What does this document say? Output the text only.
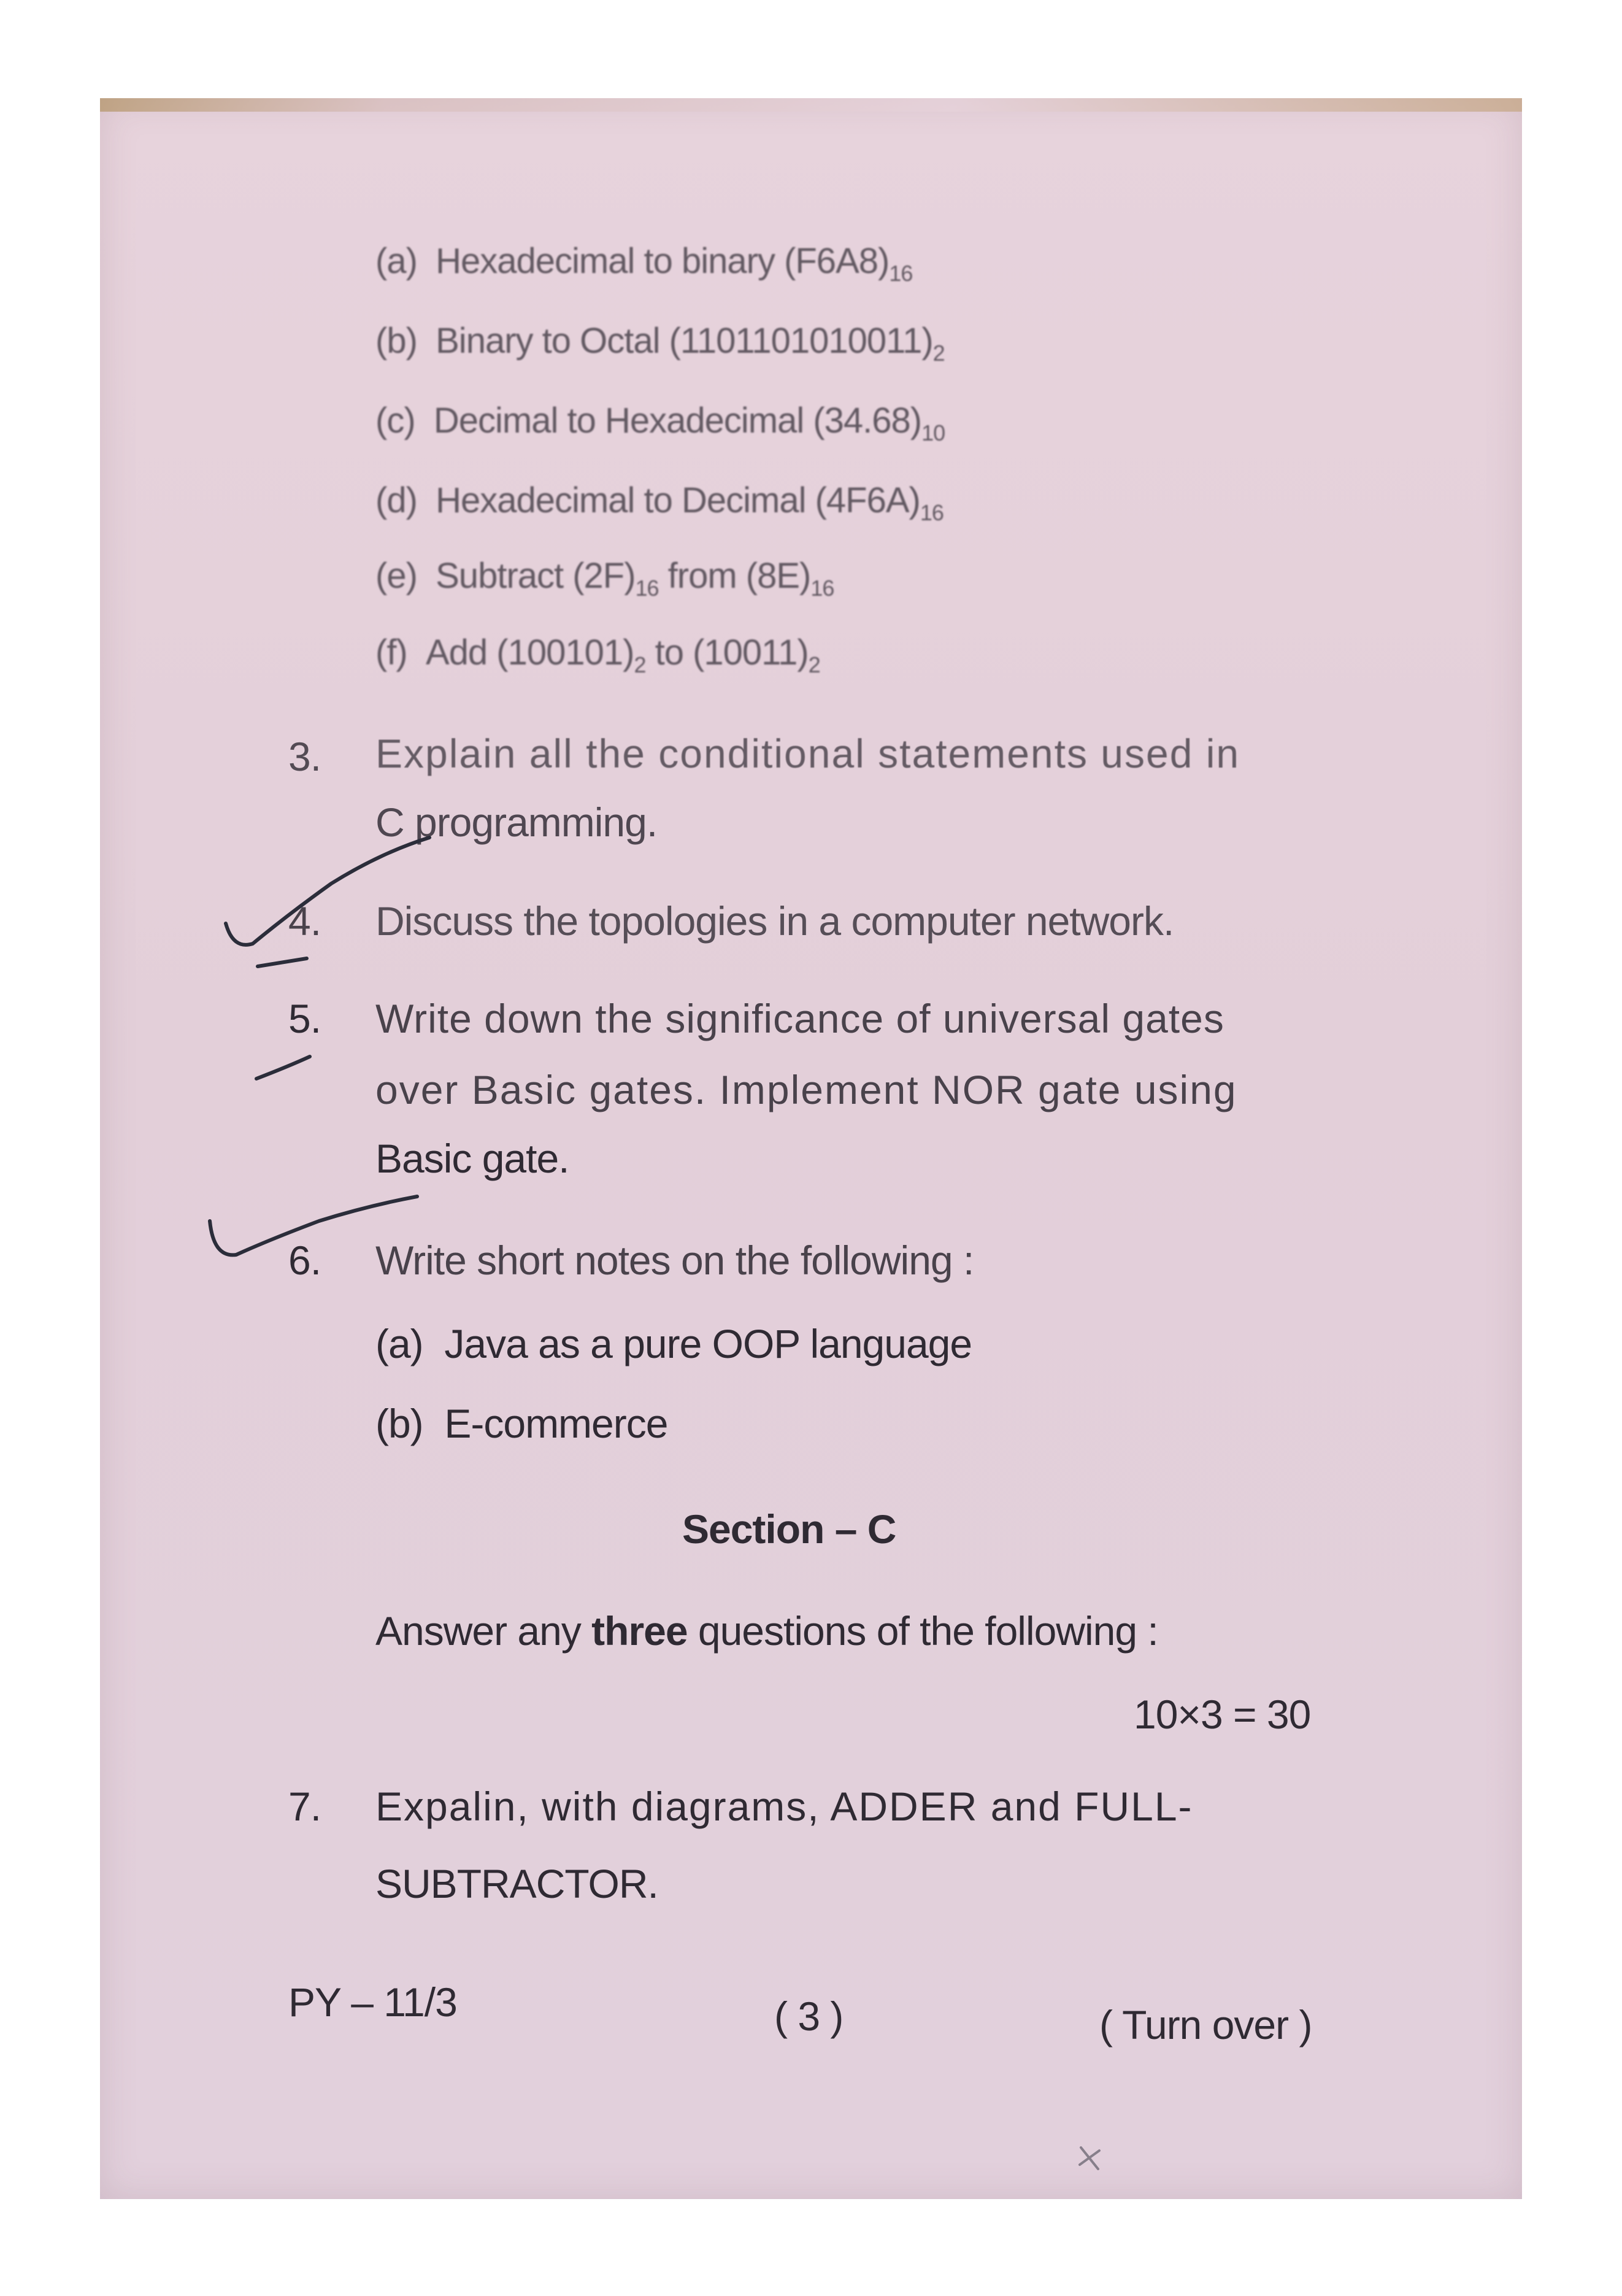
(a) Hexadecimal to binary $(F6A8)_{16}$
(b) Binary to Octal $(1101101010011)_2$
(c) Decimal to Hexadecimal $(34.68)_{10}$
(d) Hexadecimal to Decimal $(4F6A)_{16}$
(e) Subtract $(2F)_{16}$ from $(8E)_{16}$
(f) Add $(100101)_2$ to $(10011)_2$
3. Explain all the conditional statements used in
C programming.
4. Discuss the topologies in a computer network.
5. Write down the significance of universal gates
over Basic gates. Implement NOR gate using
Basic gate.
6. Write short notes on the following :
(a) Java as a pure OOP language
(b) E-commerce
Section – C
Answer any three questions of the following :
10×3 = 30
7. Expalin, with diagrams, ADDER and FULL-
SUBTRACTOR.
PY – 11/3	( 3 )	( Turn over )
